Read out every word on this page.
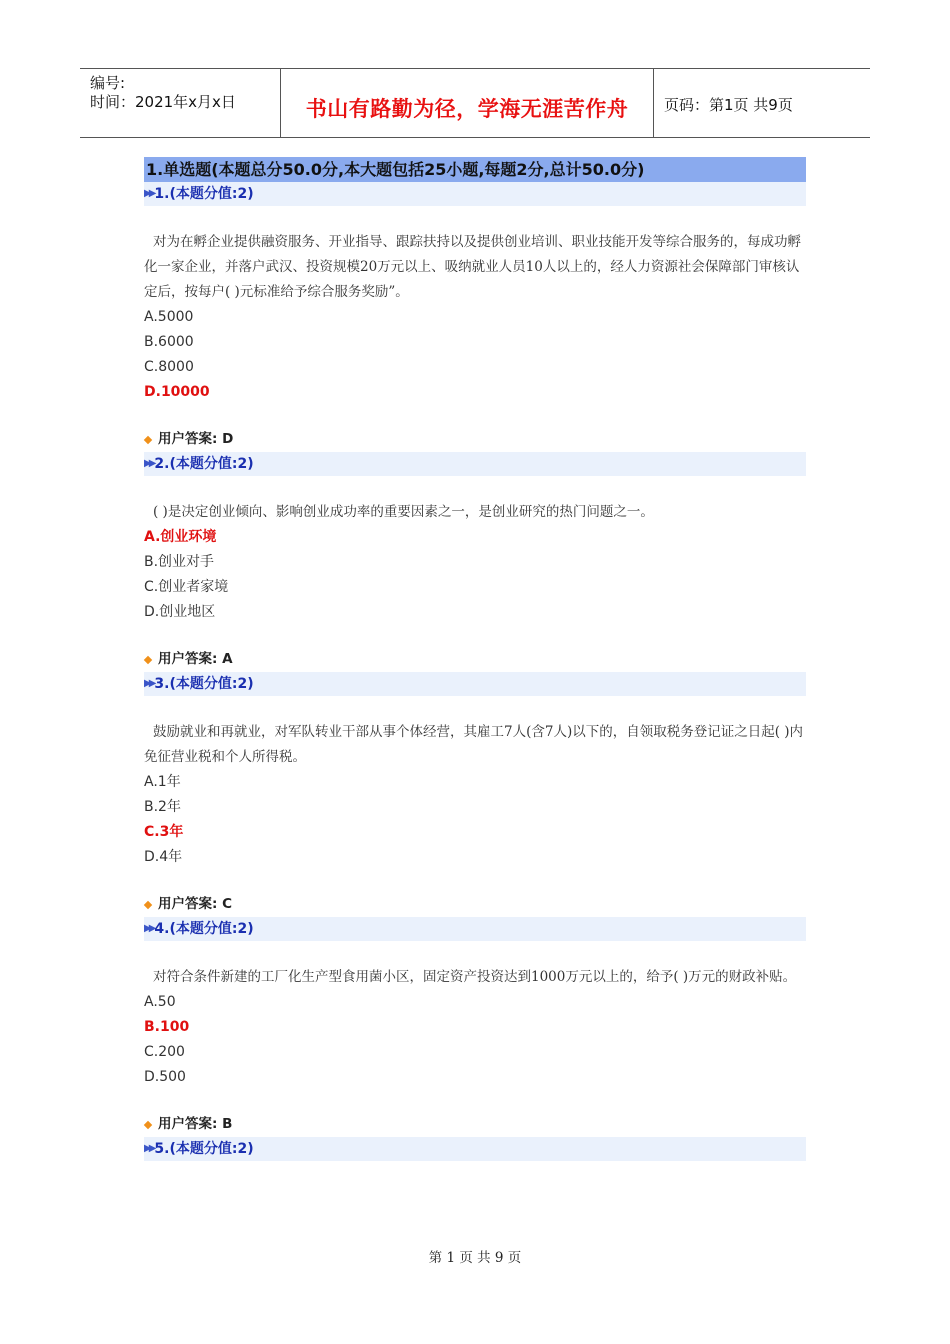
编号:
时间：2021年x月x日	书山有路勤为径，学海无涯苦作舟	页码：第1页 共9页
1.单选题(本题总分50.0分,本大题包括25小题,每题2分,总计50.0分)
▶▶ 1.(本题分值:2)
对为在孵企业提供融资服务、开业指导、跟踪扶持以及提供创业培训、职业技能开发等综合服务的，每成功孵化一家企业，并落户武汉、投资规模20万元以上、吸纳就业人员10人以上的，经人力资源社会保障部门审核认定后，按每户( )元标准给予综合服务奖励”。
A.5000
B.6000
C.8000
D.10000
用户答案: D
▶▶ 2.(本题分值:2)
( )是决定创业倾向、影响创业成功率的重要因素之一，是创业研究的热门问题之一。
A.创业环境
B.创业对手
C.创业者家境
D.创业地区
用户答案: A
▶▶ 3.(本题分值:2)
鼓励就业和再就业，对军队转业干部从事个体经营，其雇工7人(含7人)以下的，自领取税务登记证之日起( )内免征营业税和个人所得税。
A.1年
B.2年
C.3年
D.4年
用户答案: C
▶▶ 4.(本题分值:2)
对符合条件新建的工厂化生产型食用菌小区，固定资产投资达到1000万元以上的，给予( )万元的财政补贴。
A.50
B.100
C.200
D.500
用户答案: B
▶▶ 5.(本题分值:2)
第 1 页 共 9 页
